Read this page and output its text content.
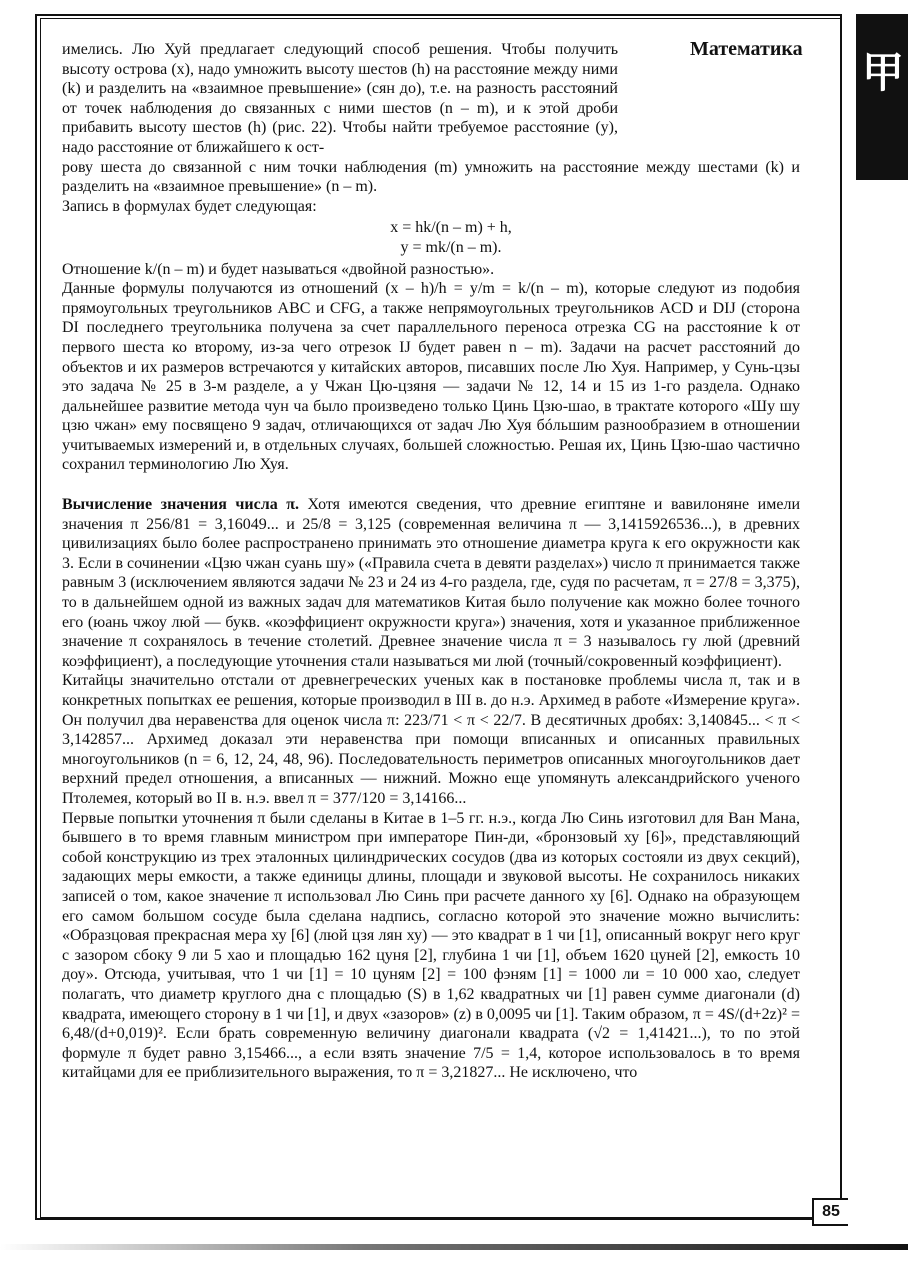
甲
Математика

имелись. Лю Хуй предлагает следующий способ решения. Чтобы получить высоту острова (x), надо умножить высоту шестов (h) на расстояние между ними (k) и разделить на «взаимное превышение» (сян до), т.е. на разность расстояний от точек наблюдения до связанных с ними шестов (n – m), и к этой дроби прибавить высоту шестов (h) (рис. 22). Чтобы найти требуемое расстояние (y), надо расстояние от ближайшего к ост-

рову шеста до связанной с ним точки наблюдения (m) умножить на расстояние между шестами (k) и разделить на «взаимное превышение» (n – m).

Запись в формулах будет следующая:

x = hk/(n – m) + h,
y = mk/(n – m).

Отношение k/(n – m) и будет называться «двойной разностью».

Данные формулы получаются из отношений (x – h)/h = y/m = k/(n – m), которые следуют из подобия прямоугольных треугольников ABC и CFG, а также непрямоугольных треугольников ACD и DIJ (сторона DI последнего треугольника получена за счет параллельного переноса отрезка CG на расстояние k от первого шеста ко второму, из-за чего отрезок IJ будет равен n – m). Задачи на расчет расстояний до объектов и их размеров встречаются у китайских авторов, писавших после Лю Хуя. Например, у Сунь-цзы это задача № 25 в 3-м разделе, а у Чжан Цю-цзяня — задачи № 12, 14 и 15 из 1-го раздела. Однако дальнейшее развитие метода чун ча было произведено только Цинь Цзю-шао, в трактате которого «Шу шу цзю чжан» ему посвящено 9 задач, отличающихся от задач Лю Хуя бóльшим разнообразием в отношении учитываемых измерений и, в отдельных случаях, большей сложностью. Решая их, Цинь Цзю-шао частично сохранил терминологию Лю Хуя.

Вычисление значения числа π. Хотя имеются сведения, что древние египтяне и вавилоняне имели значения π 256/81 = 3,16049... и 25/8 = 3,125 (современная величина π — 3,1415926536...), в древних цивилизациях было более распространено принимать это отношение диаметра круга к его окружности как 3. Если в сочинении «Цзю чжан суань шу» («Правила счета в девяти разделах») число π принимается также равным 3 (исключением являются задачи № 23 и 24 из 4-го раздела, где, судя по расчетам, π = 27/8 = 3,375), то в дальнейшем одной из важных задач для математиков Китая было получение как можно более точного его (юань чжоу люй — букв. «коэффициент окружности круга») значения, хотя и указанное приближенное значение π сохранялось в течение столетий. Древнее значение числа π = 3 называлось гу люй (древний коэффициент), а последующие уточнения стали называться ми люй (точный/сокровенный коэффициент).

Китайцы значительно отстали от древнегреческих ученых как в постановке проблемы числа π, так и в конкретных попытках ее решения, которые производил в III в. до н.э. Архимед в работе «Измерение круга». Он получил два неравенства для оценок числа π: 223/71 < π < 22/7. В десятичных дробях: 3,140845... < π < 3,142857... Архимед доказал эти неравенства при помощи вписанных и описанных правильных многоугольников (n = 6, 12, 24, 48, 96). Последовательность периметров описанных многоугольников дает верхний предел отношения, а вписанных — нижний. Можно еще упомянуть александрийского ученого Птолемея, который во II в. н.э. ввел π = 377/120 = 3,14166...

Первые попытки уточнения π были сделаны в Китае в 1–5 гг. н.э., когда Лю Синь изготовил для Ван Мана, бывшего в то время главным министром при императоре Пин-ди, «бронзовый ху [6]», представляющий собой конструкцию из трех эталонных цилиндрических сосудов (два из которых состояли из двух секций), задающих меры емкости, а также единицы длины, площади и звуковой высоты. Не сохранилось никаких записей о том, какое значение π использовал Лю Синь при расчете данного ху [6]. Однако на образующем его самом большом сосуде была сделана надпись, согласно которой это значение можно вычислить: «Образцовая прекрасная мера ху [6] (люй цзя лян ху) — это квадрат в 1 чи [1], описанный вокруг него круг с зазором сбоку 9 ли 5 хао и площадью 162 цуня [2], глубина 1 чи [1], объем 1620 цуней [2], емкость 10 доу». Отсюда, учитывая, что 1 чи [1] = 10 цуням [2] = 100 фэням [1] = 1000 ли = 10 000 хао, следует полагать, что диаметр круглого дна с площадью (S) в 1,62 квадратных чи [1] равен сумме диагонали (d) квадрата, имеющего сторону в 1 чи [1], и двух «зазоров» (z) в 0,0095 чи [1]. Таким образом, π = 4S/(d+2z)² = 6,48/(d+0,019)². Если брать современную величину диагонали квадрата (√2 = 1,41421...), то по этой формуле π будет равно 3,15466..., а если взять значение 7/5 = 1,4, которое использовалось в то время китайцами для ее приблизительного выражения, то π = 3,21827... Не исключено, что

85
